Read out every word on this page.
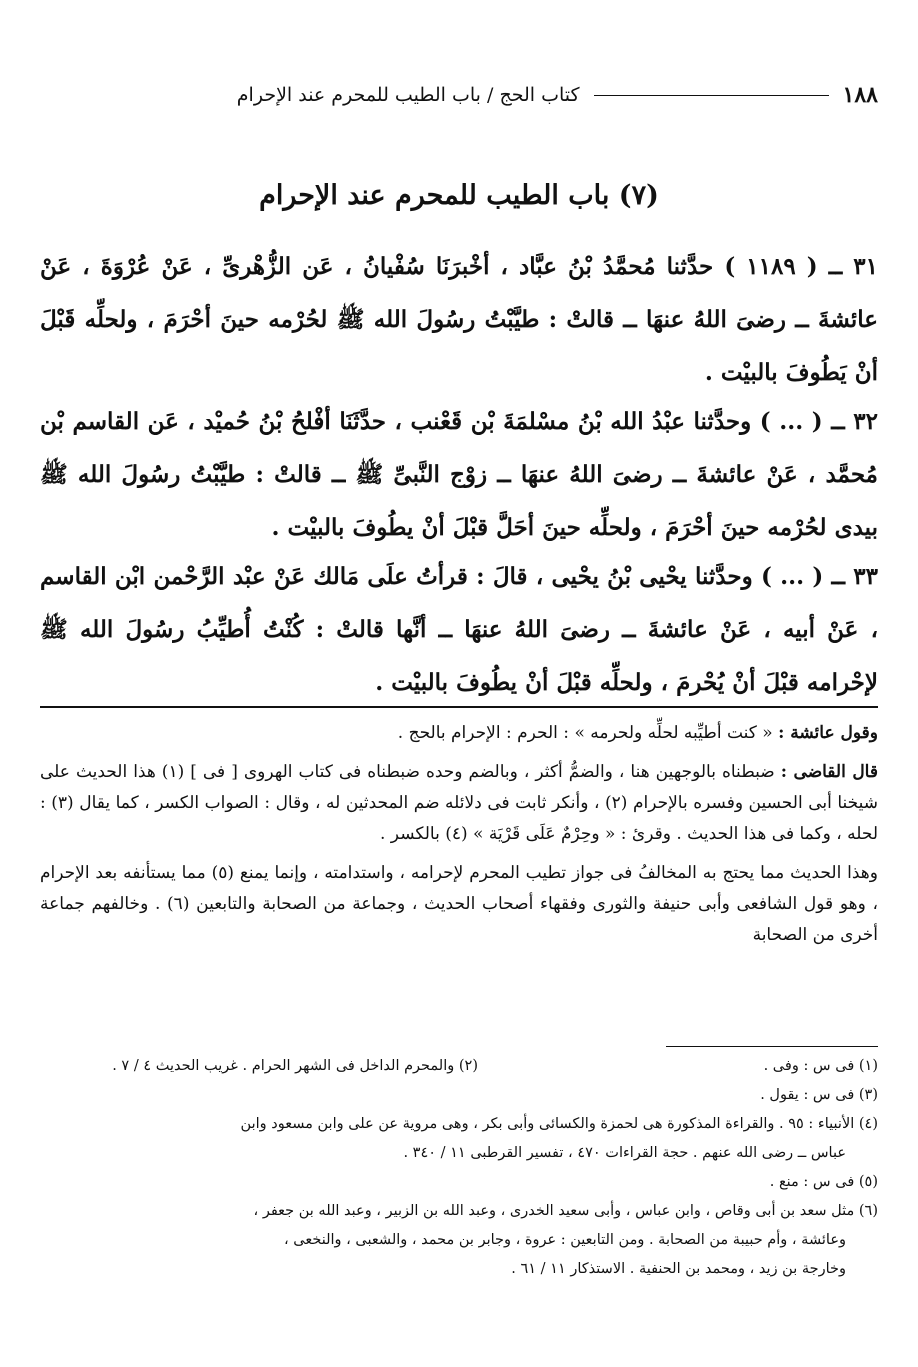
١٨٨
كتاب الحج / باب الطيب للمحرم عند الإحرام
(٧) باب الطيب للمحرم عند الإحرام
٣١ ــ ( ١١٨٩ ) حدَّثنا مُحمَّدُ بْنُ عبَّاد ، أخْبرَنَا سُفْيانُ ، عَن الزُّهْرىِّ ، عَنْ عُرْوَةَ ، عَنْ عائشةَ ــ رضىَ اللهُ عنهَا ــ قالتْ : طيَّبْتُ رسُولَ الله ﷺ لحُرْمه حينَ أحْرَمَ ، ولحلِّه قَبْلَ أنْ يَطُوفَ بالبيْت .
٣٢ ــ ( ... ) وحدَّثنا عبْدُ الله بْنُ مسْلمَةَ بْن قَعْنب ، حدَّثَنَا أفْلحُ بْنُ حُميْد ، عَن القاسم بْن مُحمَّد ، عَنْ عائشةَ ــ رضىَ اللهُ عنهَا ــ زوْج النَّبىِّ ﷺ ــ قالتْ : طيَّبْتُ رسُولَ الله ﷺ بيدى لحُرْمه حينَ أحْرَمَ ، ولحلِّه حينَ أحَلَّ قبْلَ أنْ يطُوفَ بالبيْت .
٣٣ ــ ( ... ) وحدَّثنا يحْيى بْنُ يحْيى ، قالَ : قرأتُ علَى مَالك عَنْ عبْد الرَّحْمن ابْن القاسم ، عَنْ أبيه ، عَنْ عائشةَ ــ رضىَ اللهُ عنهَا ــ أنَّها قالتْ : كُنْتُ أُطيِّبُ رسُولَ الله ﷺ لإحْرامه قبْلَ أنْ يُحْرمَ ، ولحلِّه قبْلَ أنْ يطُوفَ بالبيْت .

وقول عائشة : « كنت أطيِّبه لحلِّه ولحرمه » : الحرم : الإحرام بالحج .

قال القاضى : ضبطناه بالوجهين هنا ، والضمُّ أكثر ، وبالضم وحده ضبطناه فى كتاب الهروى [ فى ] (١) هذا الحديث على شيخنا أبى الحسين وفسره بالإحرام (٢) ، وأنكر ثابت فى دلائله ضم المحدثين له ، وقال : الصواب الكسر ، كما يقال (٣) : لحله ، وكما فى هذا الحديث . وقرئ : « وحِرْمٌ عَلَى قَرْيَة » (٤) بالكسر .

وهذا الحديث مما يحتج به المخالفُ فى جواز تطيب المحرم لإحرامه ، واستدامته ، وإنما يمنع (٥) مما يستأنفه بعد الإحرام ، وهو قول الشافعى وأبى حنيفة والثورى وفقهاء أصحاب الحديث ، وجماعة من الصحابة والتابعين (٦) . وخالفهم جماعة أخرى من الصحابة

(١) فى س : وفى .
(٢) والمحرم الداخل فى الشهر الحرام . غريب الحديث ٤ / ٧ .
(٣) فى س : يقول .
(٤) الأنبياء : ٩٥ . والقراءة المذكورة هى لحمزة والكسائى وأبى بكر ، وهى مروية عن على وابن مسعود وابن
عباس ــ رضى الله عنهم . حجة القراءات ٤٧٠ ، تفسير القرطبى ١١ / ٣٤٠ .
(٥) فى س : منع .
(٦) مثل سعد بن أبى وقاص ، وابن عباس ، وأبى سعيد الخدرى ، وعبد الله بن الزبير ، وعبد الله بن جعفر ،
وعائشة ، وأم حبيبة من الصحابة . ومن التابعين : عروة ، وجابر بن محمد ، والشعبى ، والنخعى ،
وخارجة بن زيد ، ومحمد بن الحنفية . الاستذكار ١١ / ٦١ .
